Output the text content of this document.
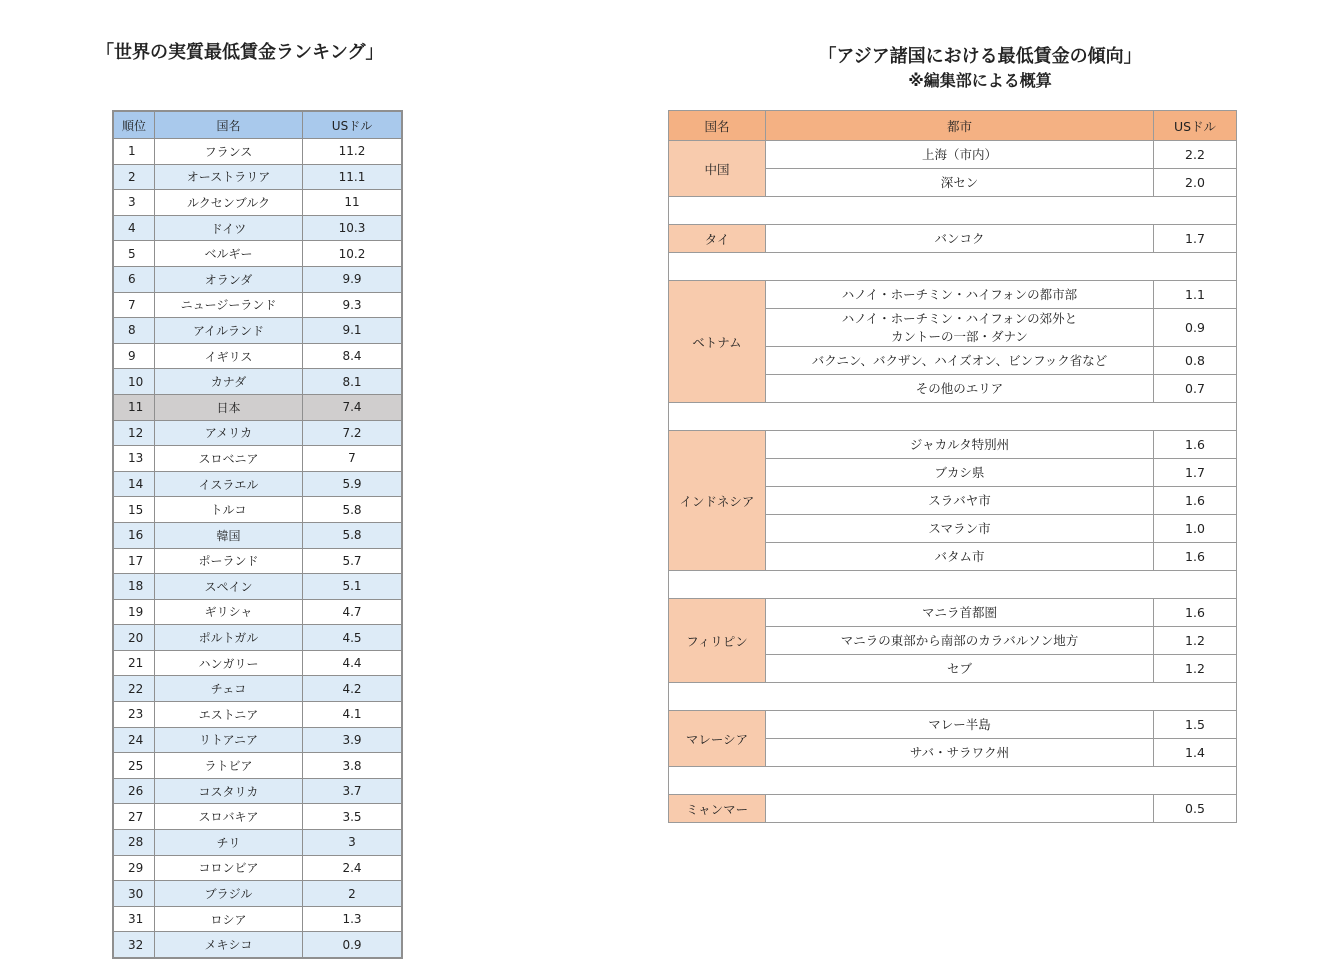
「世界の実質最低賃金ランキング」	「アジア諸国における最低賃金の傾向」
※編集部による概算
順位	国名	USドル
1	フランス	11.2
2	オーストラリア	11.1
3	ルクセンブルク	11
4	ドイツ	10.3
5	ベルギー	10.2
6	オランダ	9.9
7	ニュージーランド	9.3
8	アイルランド	9.1
9	イギリス	8.4
10	カナダ	8.1
11	日本	7.4
12	アメリカ	7.2
13	スロベニア	7
14	イスラエル	5.9
15	トルコ	5.8
16	韓国	5.8
17	ポーランド	5.7
18	スペイン	5.1
19	ギリシャ	4.7
20	ポルトガル	4.5
21	ハンガリー	4.4
22	チェコ	4.2
23	エストニア	4.1
24	リトアニア	3.9
25	ラトビア	3.8
26	コスタリカ	3.7
27	スロバキア	3.5
28	チリ	3
29	コロンビア	2.4
30	ブラジル	2
31	ロシア	1.3
32	メキシコ	0.9
国名	都市	USドル
中国	上海（市内）	2.2
	深セン	2.0

タイ	バンコク	1.7

ベトナム	ハノイ・ホーチミン・ハイフォンの都市部	1.1

	ハノイ・ホーチミン・ハイフォンの郊外と
カントーの一部・ダナン	0.9
	バクニン、バクザン、ハイズオン、ビンフック省など	0.8
	その他のエリア	0.7

インドネシア	ジャカルタ特別州	1.6
	ブカシ県	1.7
	スラバヤ市	1.6
	スマラン市	1.0
	バタム市	1.6

フィリピン	マニラ首都圏	1.6
	マニラの東部から南部のカラバルソン地方	1.2
	セブ	1.2

マレーシア	マレー半島	1.5
	サバ・サラワク州	1.4

ミャンマー		0.5
